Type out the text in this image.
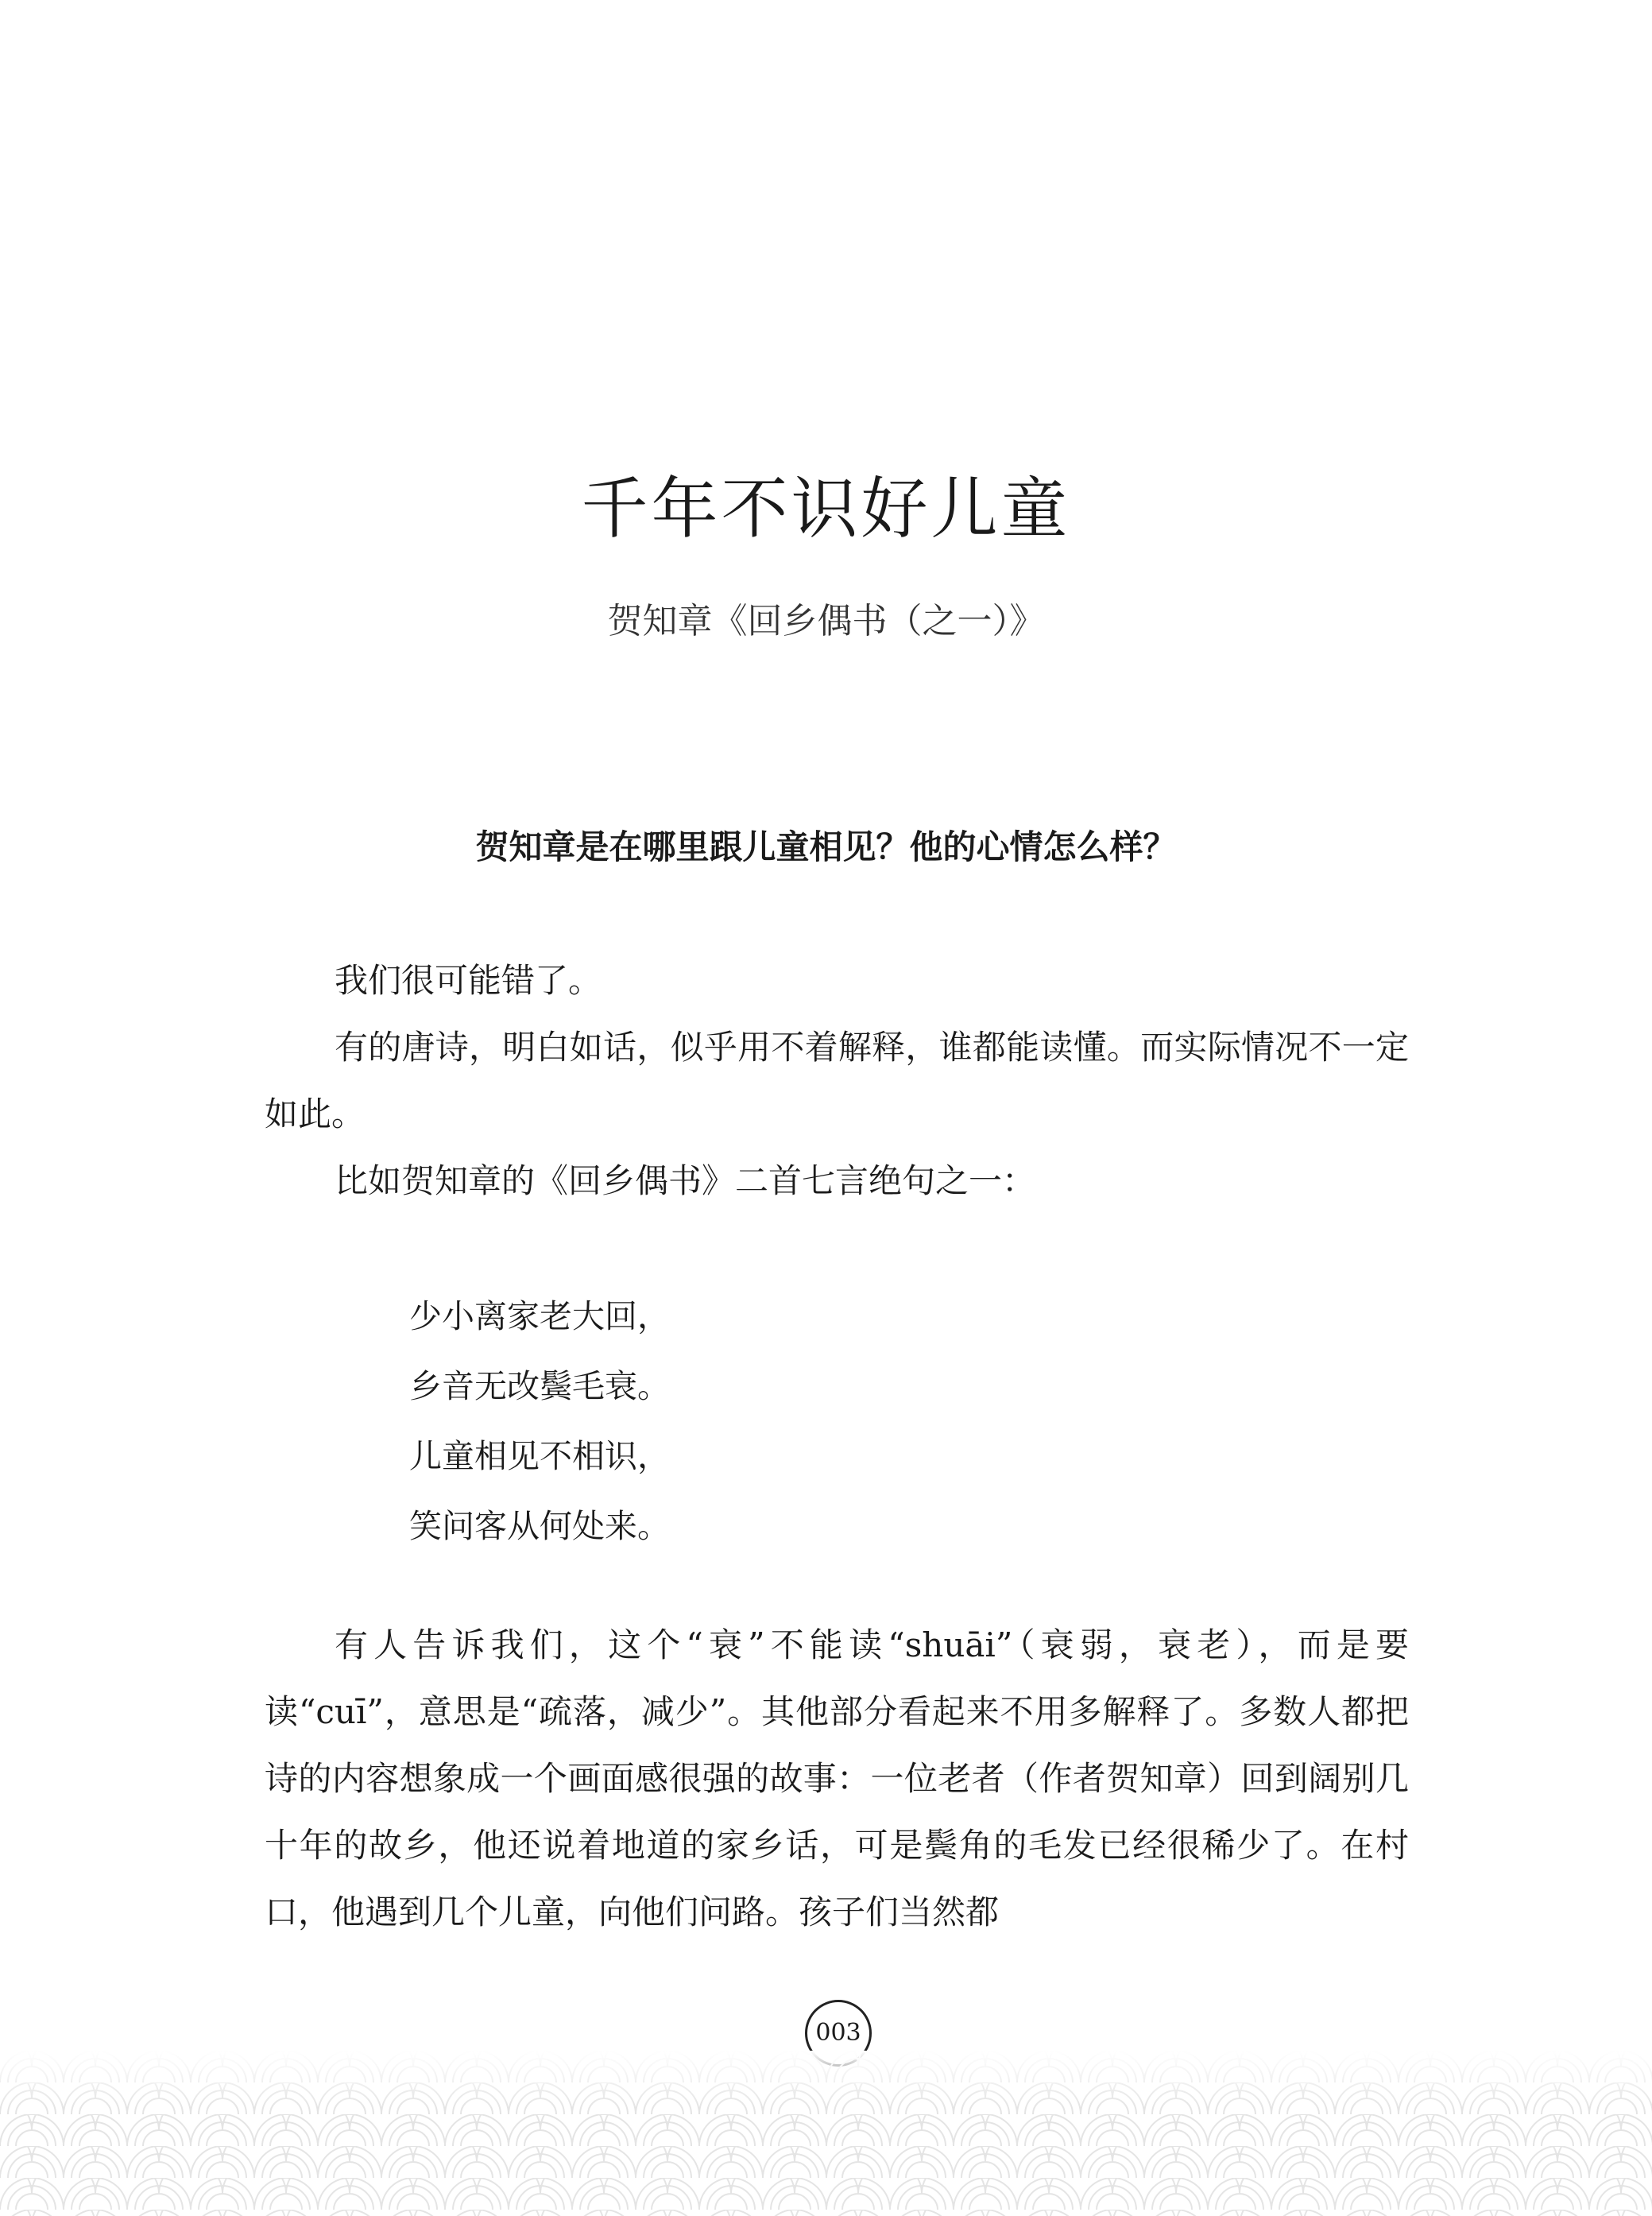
千年不识好儿童
贺知章《回乡偶书（之一）》
贺知章是在哪里跟儿童相见？他的心情怎么样？

我们很可能错了。

有的唐诗，明白如话，似乎用不着解释，谁都能读懂。而实际情况不一定如此。

比如贺知章的《回乡偶书》二首七言绝句之一：

少小离家老大回，
乡音无改鬓毛衰。
儿童相见不相识，
笑问客从何处来。

有人告诉我们，这个“衰”不能读“shuāi”（衰弱，衰老），而是要读“cuī”，意思是“疏落，减少”。其他部分看起来不用多解释了。多数人都把诗的内容想象成一个画面感很强的故事：一位老者（作者贺知章）回到阔别几十年的故乡，他还说着地道的家乡话，可是鬓角的毛发已经很稀少了。在村口，他遇到几个儿童，向他们问路。孩子们当然都

003
